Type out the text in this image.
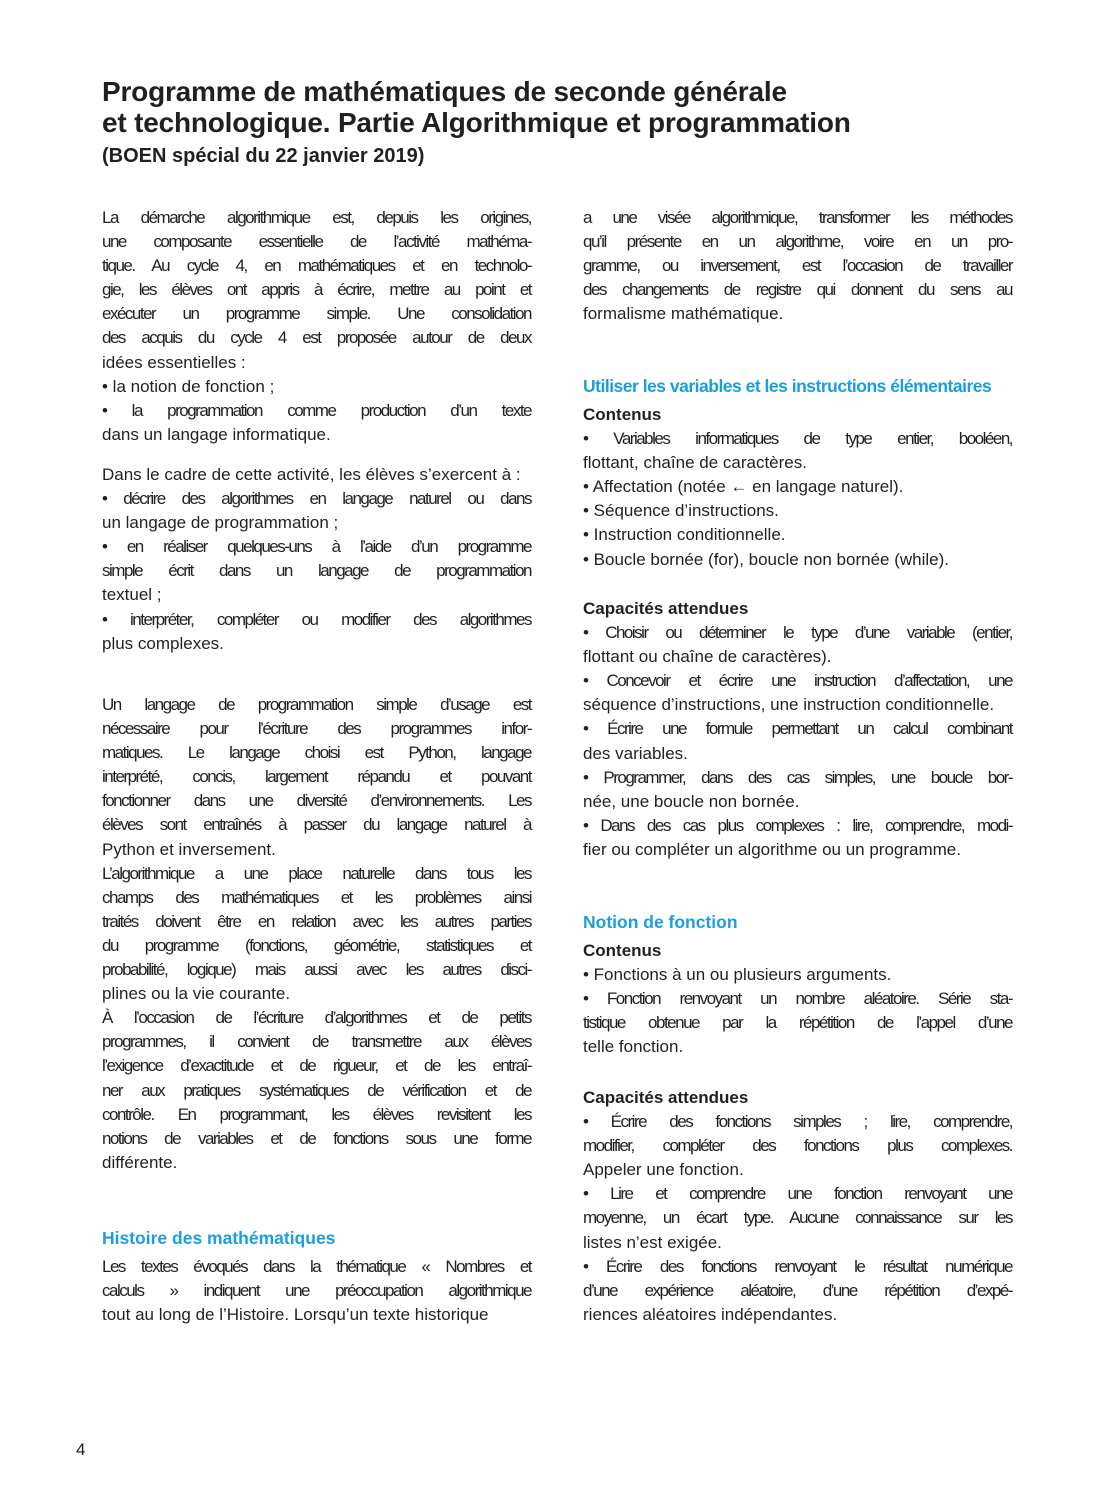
Programme de mathématiques de seconde générale
et technologique. Partie Algorithmique et programmation
(BOEN spécial du 22 janvier 2019)
La démarche algorithmique est, depuis les origines,
une composante essentielle de l’activité mathéma-
tique. Au cycle 4, en mathématiques et en technolo-
gie, les élèves ont appris à écrire, mettre au point et
exécuter un programme simple. Une consolidation
des acquis du cycle 4 est proposée autour de deux
idées essentielles :
• la notion de fonction ;
• la programmation comme production d’un texte
dans un langage informatique.
Dans le cadre de cette activité, les élèves s’exercent à :
• décrire des algorithmes en langage naturel ou dans
un langage de programmation ;
• en réaliser quelques-uns à l’aide d’un programme
simple écrit dans un langage de programmation
textuel ;
• interpréter, compléter ou modifier des algorithmes
plus complexes.
Un langage de programmation simple d’usage est
nécessaire pour l’écriture des programmes infor-
matiques. Le langage choisi est Python, langage
interprété, concis, largement répandu et pouvant
fonctionner dans une diversité d’environnements. Les
élèves sont entraînés à passer du langage naturel à
Python et inversement.
L’algorithmique a une place naturelle dans tous les
champs des mathématiques et les problèmes ainsi
traités doivent être en relation avec les autres parties
du programme (fonctions, géométrie, statistiques et
probabilité, logique) mais aussi avec les autres disci-
plines ou la vie courante.
À l’occasion de l’écriture d’algorithmes et de petits
programmes, il convient de transmettre aux élèves
l’exigence d’exactitude et de rigueur, et de les entraî-
ner aux pratiques systématiques de vérification et de
contrôle. En programmant, les élèves revisitent les
notions de variables et de fonctions sous une forme
différente.
Histoire des mathématiques
Les textes évoqués dans la thématique « Nombres et
calculs » indiquent une préoccupation algorithmique
tout au long de l’Histoire. Lorsqu’un texte historique
a une visée algorithmique, transformer les méthodes
qu’il présente en un algorithme, voire en un pro-
gramme, ou inversement, est l’occasion de travailler
des changements de registre qui donnent du sens au
formalisme mathématique.
Utiliser les variables et les instructions élémentaires
Contenus
• Variables informatiques de type entier, booléen,
flottant, chaîne de caractères.
• Affectation (notée ← en langage naturel).
• Séquence d’instructions.
• Instruction conditionnelle.
• Boucle bornée (for), boucle non bornée (while).
Capacités attendues
• Choisir ou déterminer le type d’une variable (entier,
flottant ou chaîne de caractères).
• Concevoir et écrire une instruction d’affectation, une
séquence d’instructions, une instruction conditionnelle.
• Écrire une formule permettant un calcul combinant
des variables.
• Programmer, dans des cas simples, une boucle bor-
née, une boucle non bornée.
• Dans des cas plus complexes : lire, comprendre, modi-
fier ou compléter un algorithme ou un programme.
Notion de fonction
Contenus
• Fonctions à un ou plusieurs arguments.
• Fonction renvoyant un nombre aléatoire. Série sta-
tistique obtenue par la répétition de l’appel d’une
telle fonction.
Capacités attendues
• Écrire des fonctions simples ; lire, comprendre,
modifier, compléter des fonctions plus complexes.
Appeler une fonction.
• Lire et comprendre une fonction renvoyant une
moyenne, un écart type. Aucune connaissance sur les
listes n’est exigée.
• Écrire des fonctions renvoyant le résultat numérique
d’une expérience aléatoire, d’une répétition d’expé-
riences aléatoires indépendantes.
4
